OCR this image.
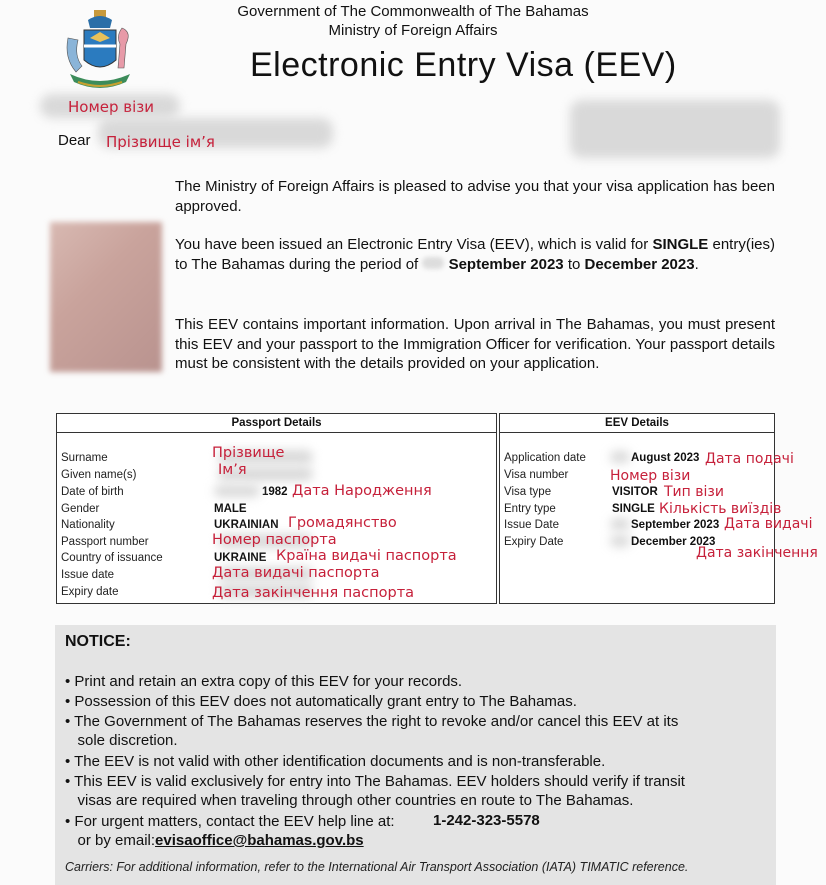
Government of The Commonwealth of The Bahamas
Ministry of Foreign Affairs
Electronic Entry Visa (EEV)
Номер візи
Dear Прізвище ім’я
The Ministry of Foreign Affairs is pleased to advise you that your visa application has been approved.
You have been issued an Electronic Entry Visa (EEV), which is valid for SINGLE entry(ies) to The Bahamas during the period of September 2023 to December 2023.
This EEV contains important information. Upon arrival in The Bahamas, you must present this EEV and your passport to the Immigration Officer for verification. Your passport details must be consistent with the details provided on your application.
Passport Details
Surname	Прізвище
Given name(s)	Ім’я
Date of birth	1982 Дата Народження
Gender	MALE
Nationality	UKRAINIAN Громадянство
Passport number	Номер паспорта
Country of issuance	UKRAINE Країна видачі паспорта
Issue date	Дата видачі паспорта
Expiry date	Дата закінчення паспорта
EEV Details
Application date	August 2023 Дата подачі
Visa number	Номер візи
Visa type	VISITOR Тип візи
Entry type	SINGLE Кількість виїздів
Issue Date	September 2023 Дата видачі
Expiry Date	December 2023
Дата закінчення
NOTICE:
• Print and retain an extra copy of this EEV for your records.
• Possession of this EEV does not automatically grant entry to The Bahamas.
• The Government of The Bahamas reserves the right to revoke and/or cancel this EEV at its
sole discretion.
• The EEV is not valid with other identification documents and is non-transferable.
• This EEV is valid exclusively for entry into The Bahamas. EEV holders should verify if transit
visas are required when traveling through other countries en route to The Bahamas.
• For urgent matters, contact the EEV help line at:	1-242-323-5578
or by email:evisaoffice@bahamas.gov.bs
Carriers: For additional information, refer to the International Air Transport Association (IATA) TIMATIC reference.
